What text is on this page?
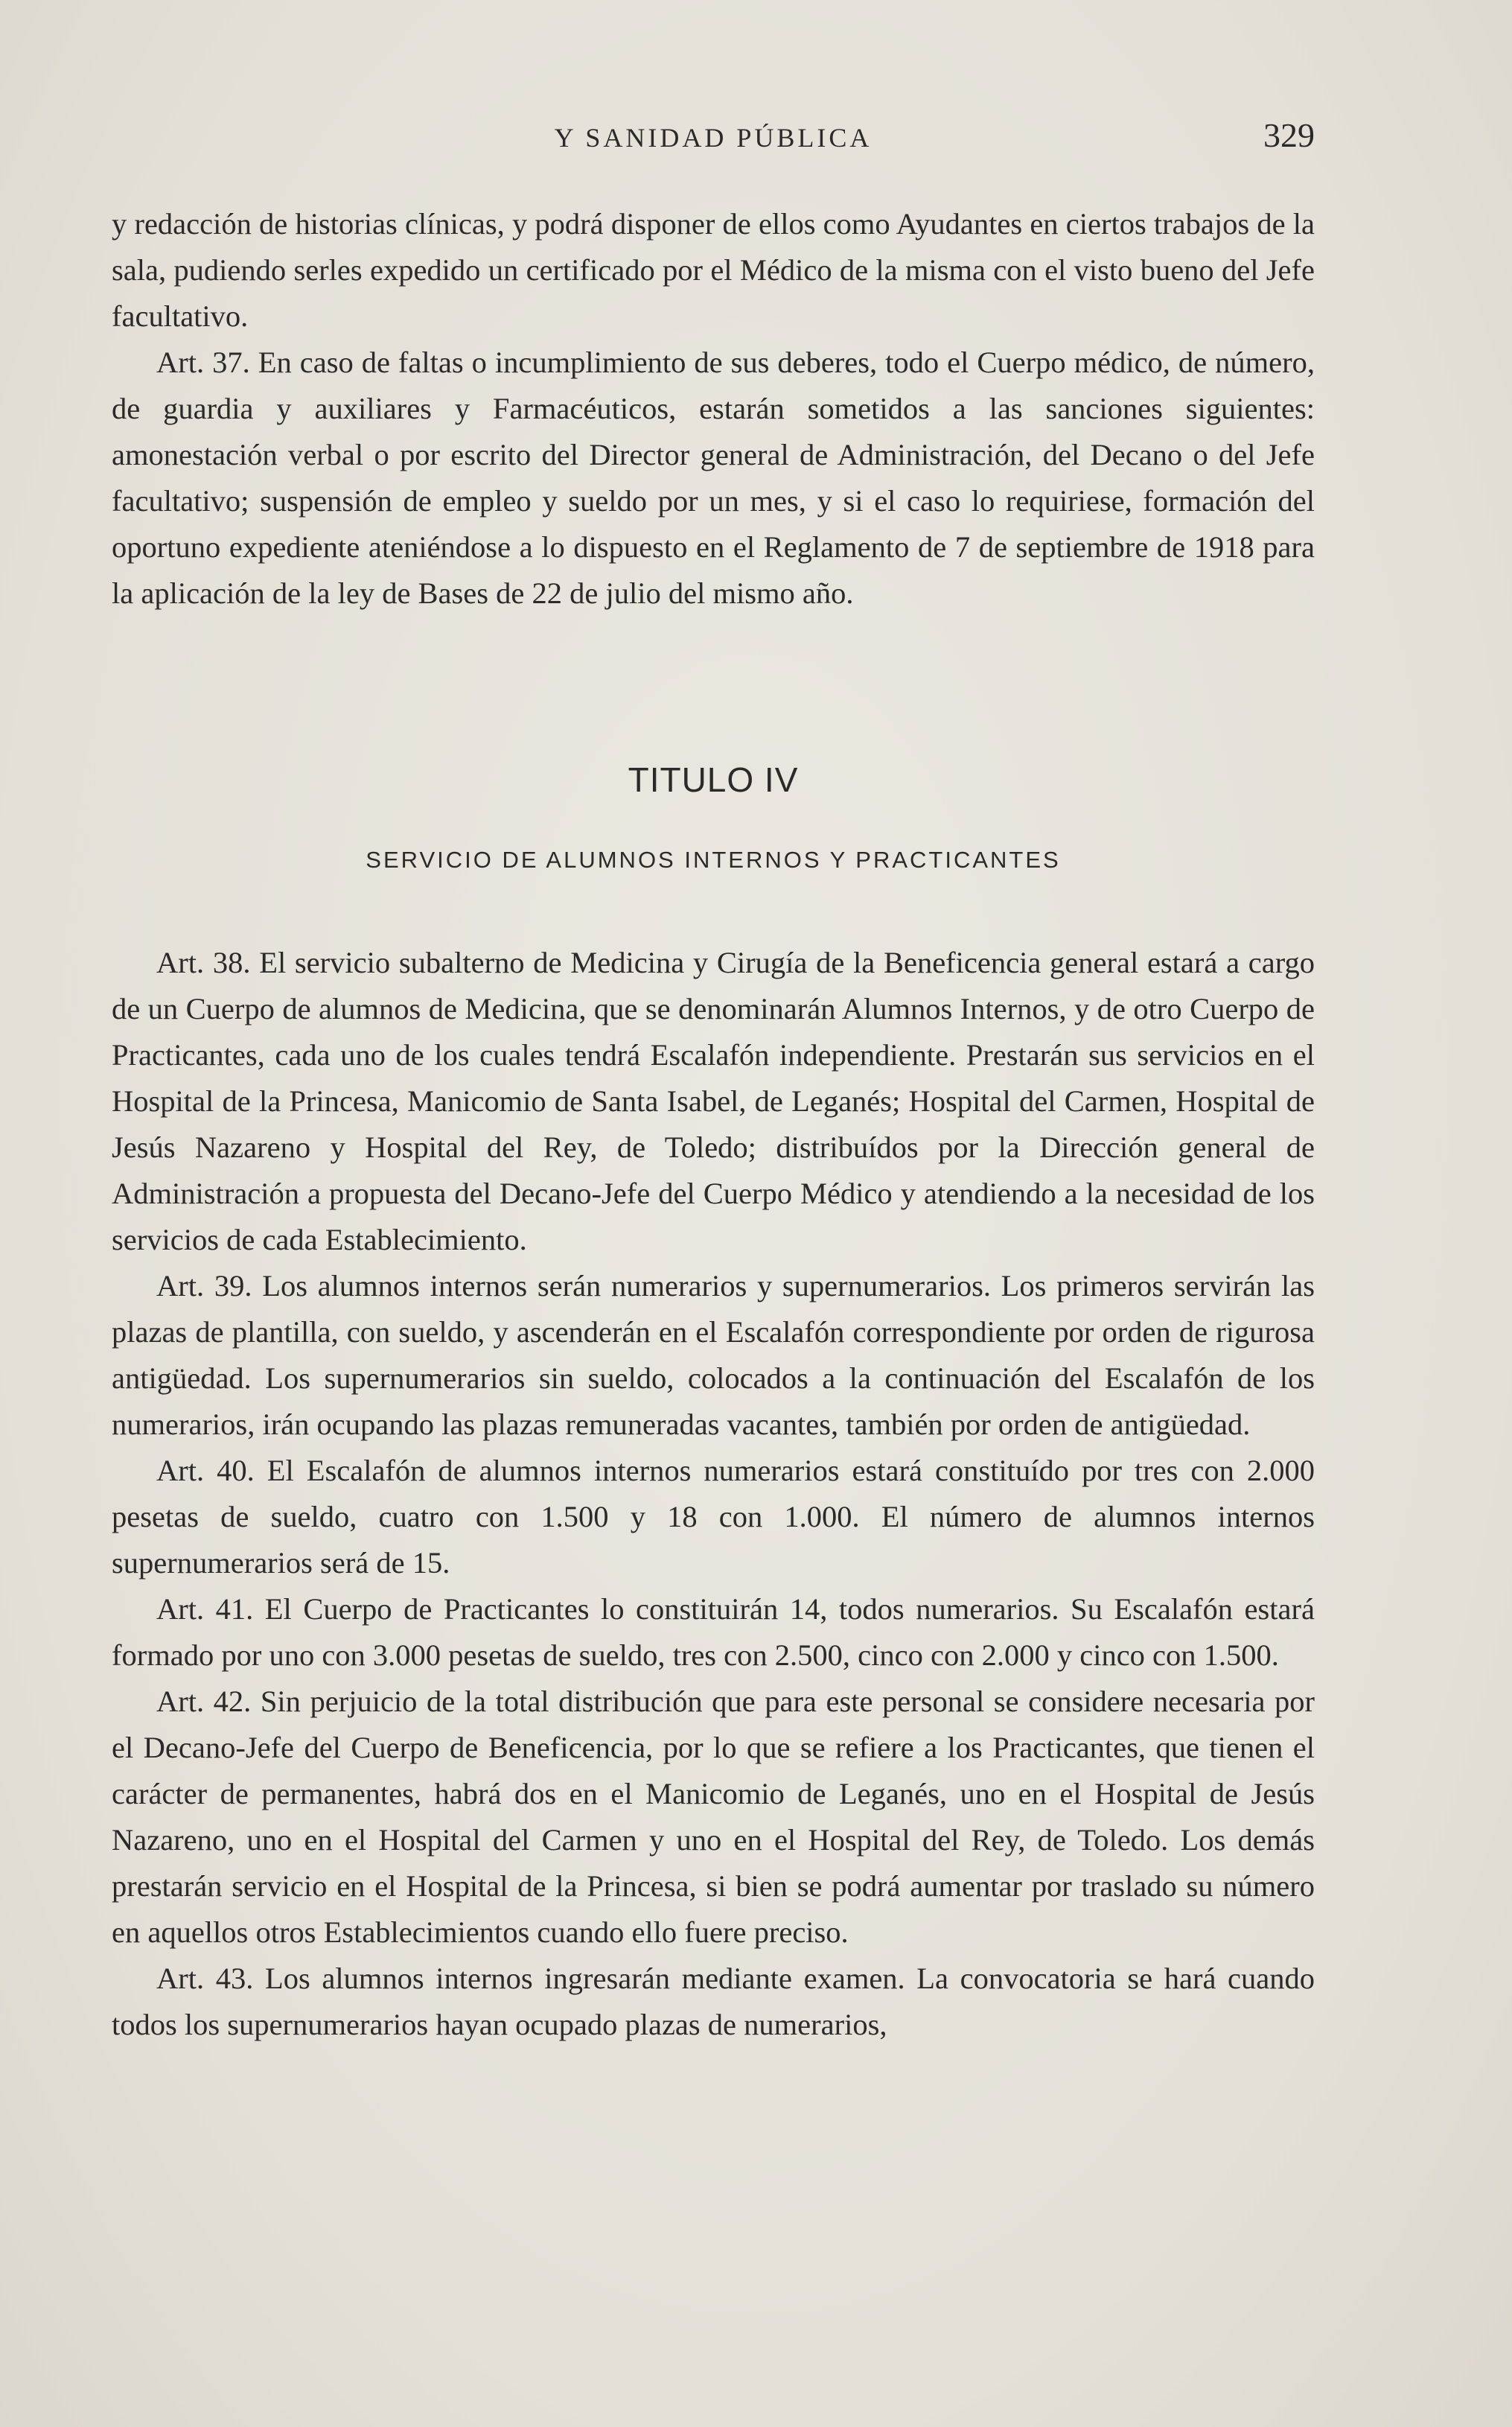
Y SANIDAD PÚBLICA	329

y redacción de historias clínicas, y podrá disponer de ellos como Ayudantes en ciertos trabajos de la sala, pudiendo serles expedido un certificado por el Médico de la misma con el visto bueno del Jefe facultativo.

Art. 37. En caso de faltas o incumplimiento de sus deberes, todo el Cuerpo médico, de número, de guardia y auxiliares y Farmacéuticos, estarán sometidos a las sanciones siguientes: amonestación verbal o por escrito del Director general de Administración, del Decano o del Jefe facultativo; suspensión de empleo y sueldo por un mes, y si el caso lo requiriese, formación del oportuno expediente ateniéndose a lo dispuesto en el Reglamento de 7 de septiembre de 1918 para la aplicación de la ley de Bases de 22 de julio del mismo año.

TITULO IV
SERVICIO DE ALUMNOS INTERNOS Y PRACTICANTES

Art. 38. El servicio subalterno de Medicina y Cirugía de la Beneficencia general estará a cargo de un Cuerpo de alumnos de Medicina, que se denominarán Alumnos Internos, y de otro Cuerpo de Practicantes, cada uno de los cuales tendrá Escalafón independiente. Prestarán sus servicios en el Hospital de la Princesa, Manicomio de Santa Isabel, de Leganés; Hospital del Carmen, Hospital de Jesús Nazareno y Hospital del Rey, de Toledo; distribuídos por la Dirección general de Administración a propuesta del Decano-Jefe del Cuerpo Médico y atendiendo a la necesidad de los servicios de cada Establecimiento.

Art. 39. Los alumnos internos serán numerarios y supernumerarios. Los primeros servirán las plazas de plantilla, con sueldo, y ascenderán en el Escalafón correspondiente por orden de rigurosa antigüedad. Los supernumerarios sin sueldo, colocados a la continuación del Escalafón de los numerarios, irán ocupando las plazas remuneradas vacantes, también por orden de antigüedad.

Art. 40. El Escalafón de alumnos internos numerarios estará constituído por tres con 2.000 pesetas de sueldo, cuatro con 1.500 y 18 con 1.000. El número de alumnos internos supernumerarios será de 15.

Art. 41. El Cuerpo de Practicantes lo constituirán 14, todos numerarios. Su Escalafón estará formado por uno con 3.000 pesetas de sueldo, tres con 2.500, cinco con 2.000 y cinco con 1.500.

Art. 42. Sin perjuicio de la total distribución que para este personal se considere necesaria por el Decano-Jefe del Cuerpo de Beneficencia, por lo que se refiere a los Practicantes, que tienen el carácter de permanentes, habrá dos en el Manicomio de Leganés, uno en el Hospital de Jesús Nazareno, uno en el Hospital del Carmen y uno en el Hospital del Rey, de Toledo. Los demás prestarán servicio en el Hospital de la Princesa, si bien se podrá aumentar por traslado su número en aquellos otros Establecimientos cuando ello fuere preciso.

Art. 43. Los alumnos internos ingresarán mediante examen. La convocatoria se hará cuando todos los supernumerarios hayan ocupado plazas de numerarios,
